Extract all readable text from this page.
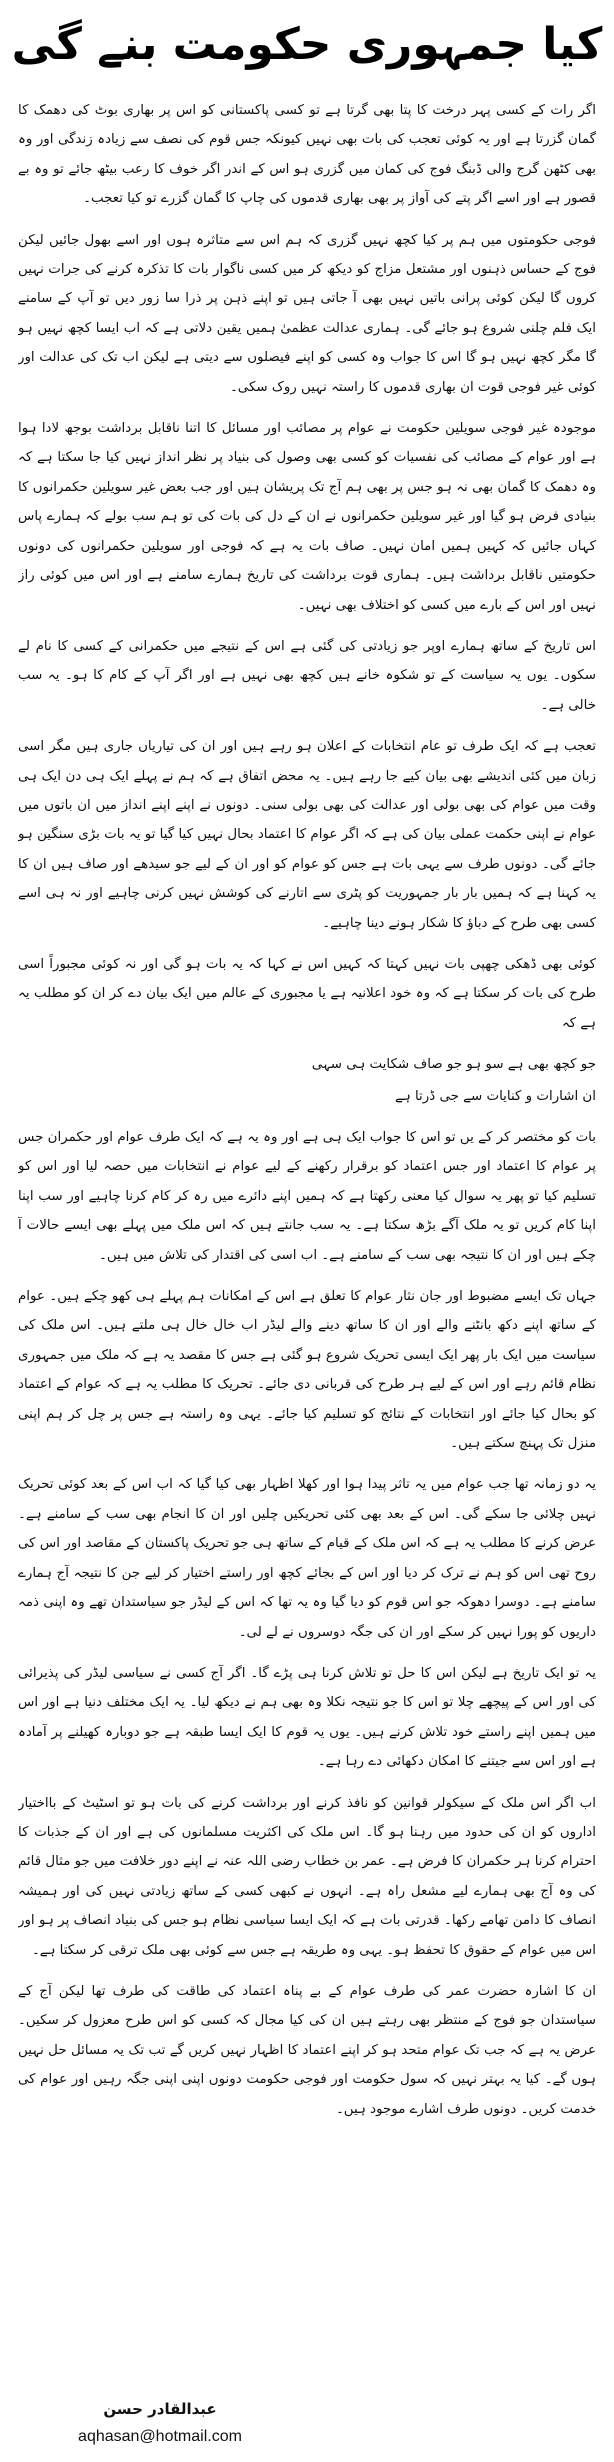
کیا جمہوری حکومت بنے گی

اگر رات کے کسی پہر درخت کا پتا بھی گرتا ہے تو کسی پاکستانی کو اس پر بھاری بوٹ کی دھمک کا گمان گزرتا ہے اور یہ کوئی تعجب کی بات بھی نہیں کیونکہ جس قوم کی نصف سے زیادہ زندگی اور وہ بھی کٹھن گرج والی ڈبنگ فوج کی کمان میں گزری ہو اس کے اندر اگر خوف کا رعب بیٹھ جائے تو وہ بے قصور ہے اور اسے اگر پتے کی آواز پر بھی بھاری قدموں کی چاپ کا گمان گزرے تو کیا تعجب۔

فوجی حکومتوں میں ہم پر کیا کچھ نہیں گزری کہ ہم اس سے متاثرہ ہوں اور اسے بھول جائیں لیکن فوج کے حساس ذہنوں اور مشتعل مزاج کو دیکھ کر میں کسی ناگوار بات کا تذکرہ کرنے کی جرات نہیں کروں گا لیکن کوئی پرانی باتیں نہیں بھی آ جاتی ہیں تو اپنے ذہن پر ذرا سا زور دیں تو آپ کے سامنے ایک فلم چلنی شروع ہو جائے گی۔ ہماری عدالت عظمیٰ ہمیں یقین دلاتی ہے کہ اب ایسا کچھ نہیں ہو گا مگر کچھ نہیں ہو گا اس کا جواب وہ کسی کو اپنے فیصلوں سے دیتی ہے لیکن اب تک کی عدالت اور کوئی غیر فوجی قوت ان بھاری قدموں کا راستہ نہیں روک سکی۔

موجودہ غیر فوجی سویلین حکومت نے عوام پر مصائب اور مسائل کا اتنا ناقابل برداشت بوجھ لادا ہوا ہے اور عوام کے مصائب کی نفسیات کو کسی بھی وصول کی بنیاد پر نظر انداز نہیں کیا جا سکتا ہے کہ وہ دھمک کا گمان بھی نہ ہو جس پر بھی ہم آج تک پریشان ہیں اور جب بعض غیر سویلین حکمرانوں کا بنیادی فرض ہو گیا اور غیر سویلین حکمرانوں نے ان کے دل کی بات کی تو ہم سب بولے کہ ہمارے پاس کہاں جائیں کہ کہیں ہمیں امان نہیں۔ صاف بات یہ ہے کہ فوجی اور سویلین حکمرانوں کی دونوں حکومتیں ناقابل برداشت ہیں۔ ہماری قوت برداشت کی تاریخ ہمارے سامنے ہے اور اس میں کوئی راز نہیں اور اس کے بارے میں کسی کو اختلاف بھی نہیں۔

اس تاریخ کے ساتھ ہمارے اوپر جو زیادتی کی گئی ہے اس کے نتیجے میں حکمرانی کے کسی کا نام لے سکوں۔ یوں یہ سیاست کے تو شکوہ خانے ہیں کچھ بھی نہیں ہے اور اگر آپ کے کام کا ہو۔ یہ سب خالی ہے۔

تعجب ہے کہ ایک طرف تو عام انتخابات کے اعلان ہو رہے ہیں اور ان کی تیاریاں جاری ہیں مگر اسی زبان میں کئی اندیشے بھی بیان کیے جا رہے ہیں۔ یہ محض اتفاق ہے کہ ہم نے پہلے ایک ہی دن ایک ہی وقت میں عوام کی بھی بولی اور عدالت کی بھی بولی سنی۔ دونوں نے اپنے اپنے انداز میں ان باتوں میں عوام نے اپنی حکمت عملی بیان کی ہے کہ اگر عوام کا اعتماد بحال نہیں کیا گیا تو یہ بات بڑی سنگین ہو جائے گی۔ دونوں طرف سے یہی بات ہے جس کو عوام کو اور ان کے لیے جو سیدھے اور صاف ہیں ان کا یہ کہنا ہے کہ ہمیں بار بار جمہوریت کو پٹری سے اتارنے کی کوشش نہیں کرنی چاہیے اور نہ ہی اسے کسی بھی طرح کے دباؤ کا شکار ہونے دینا چاہیے۔

کوئی بھی ڈھکی چھپی بات نہیں کہتا کہ کہیں اس نے کہا کہ یہ بات ہو گی اور نہ کوئی مجبوراً اسی طرح کی بات کر سکتا ہے کہ وہ خود اعلانیہ ہے یا مجبوری کے عالم میں ایک بیان دے کر ان کو مطلب یہ ہے کہ

جو کچھ بھی ہے سو ہو جو صاف شکایت ہی سہی

ان اشارات و کنایات سے جی ڈرتا ہے

بات کو مختصر کر کے یں تو اس کا جواب ایک ہی ہے اور وہ یہ ہے کہ ایک طرف عوام اور حکمران جس پر عوام کا اعتماد اور جس اعتماد کو برقرار رکھنے کے لیے عوام نے انتخابات میں حصہ لیا اور اس کو تسلیم کیا تو پھر یہ سوال کیا معنی رکھتا ہے کہ ہمیں اپنے دائرے میں رہ کر کام کرنا چاہیے اور سب اپنا اپنا کام کریں تو یہ ملک آگے بڑھ سکتا ہے۔ یہ سب جانتے ہیں کہ اس ملک میں پہلے بھی ایسے حالات آ چکے ہیں اور ان کا نتیجہ بھی سب کے سامنے ہے۔ اب اسی کی اقتدار کی تلاش میں ہیں۔

جہاں تک ایسے مضبوط اور جان نثار عوام کا تعلق ہے اس کے امکانات ہم پہلے ہی کھو چکے ہیں۔ عوام کے ساتھ اپنے دکھ بانٹنے والے اور ان کا ساتھ دینے والے لیڈر اب خال خال ہی ملتے ہیں۔ اس ملک کی سیاست میں ایک بار پھر ایک ایسی تحریک شروع ہو گئی ہے جس کا مقصد یہ ہے کہ ملک میں جمہوری نظام قائم رہے اور اس کے لیے ہر طرح کی قربانی دی جائے۔ تحریک کا مطلب یہ ہے کہ عوام کے اعتماد کو بحال کیا جائے اور انتخابات کے نتائج کو تسلیم کیا جائے۔ یہی وہ راستہ ہے جس پر چل کر ہم اپنی منزل تک پہنچ سکتے ہیں۔

یہ دو زمانہ تھا جب عوام میں یہ تاثر پیدا ہوا اور کھلا اظہار بھی کیا گیا کہ اب اس کے بعد کوئی تحریک نہیں چلائی جا سکے گی۔ اس کے بعد بھی کئی تحریکیں چلیں اور ان کا انجام بھی سب کے سامنے ہے۔ عرض کرنے کا مطلب یہ ہے کہ اس ملک کے قیام کے ساتھ ہی جو تحریک پاکستان کے مقاصد اور اس کی روح تھی اس کو ہم نے ترک کر دیا اور اس کے بجائے کچھ اور راستے اختیار کر لیے جن کا نتیجہ آج ہمارے سامنے ہے۔ دوسرا دھوکہ جو اس قوم کو دیا گیا وہ یہ تھا کہ اس کے لیڈر جو سیاستدان تھے وہ اپنی ذمہ داریوں کو پورا نہیں کر سکے اور ان کی جگہ دوسروں نے لے لی۔

یہ تو ایک تاریخ ہے لیکن اس کا حل تو تلاش کرنا ہی پڑے گا۔ اگر آج کسی نے سیاسی لیڈر کی پذیرائی کی اور اس کے پیچھے چلا تو اس کا جو نتیجہ نکلا وہ بھی ہم نے دیکھ لیا۔ یہ ایک مختلف دنیا ہے اور اس میں ہمیں اپنے راستے خود تلاش کرنے ہیں۔ یوں یہ قوم کا ایک ایسا طبقہ ہے جو دوبارہ کھیلنے پر آمادہ ہے اور اس سے جیتنے کا امکان دکھائی دے رہا ہے۔

اب اگر اس ملک کے سیکولر قوانین کو نافذ کرنے اور برداشت کرنے کی بات ہو تو اسٹیٹ کے بااختیار اداروں کو ان کی حدود میں رہنا ہو گا۔ اس ملک کی اکثریت مسلمانوں کی ہے اور ان کے جذبات کا احترام کرنا ہر حکمران کا فرض ہے۔ عمر بن خطاب رضی اللہ عنہ نے اپنے دور خلافت میں جو مثال قائم کی وہ آج بھی ہمارے لیے مشعل راہ ہے۔ انہوں نے کبھی کسی کے ساتھ زیادتی نہیں کی اور ہمیشہ انصاف کا دامن تھامے رکھا۔ قدرتی بات ہے کہ ایک ایسا سیاسی نظام ہو جس کی بنیاد انصاف پر ہو اور اس میں عوام کے حقوق کا تحفظ ہو۔ یہی وہ طریقہ ہے جس سے کوئی بھی ملک ترقی کر سکتا ہے۔

ان کا اشارہ حضرت عمر کی طرف عوام کے بے پناہ اعتماد کی طاقت کی طرف تھا لیکن آج کے سیاستدان جو فوج کے منتظر بھی رہتے ہیں ان کی کیا مجال کہ کسی کو اس طرح معزول کر سکیں۔ عرض یہ ہے کہ جب تک عوام متحد ہو کر اپنے اعتماد کا اظہار نہیں کریں گے تب تک یہ مسائل حل نہیں ہوں گے۔ کیا یہ بہتر نہیں کہ سول حکومت اور فوجی حکومت دونوں اپنی اپنی جگہ رہیں اور عوام کی خدمت کریں۔ دونوں طرف اشارے موجود ہیں۔

عبدالقادر حسن
aqhasan@hotmail.com
